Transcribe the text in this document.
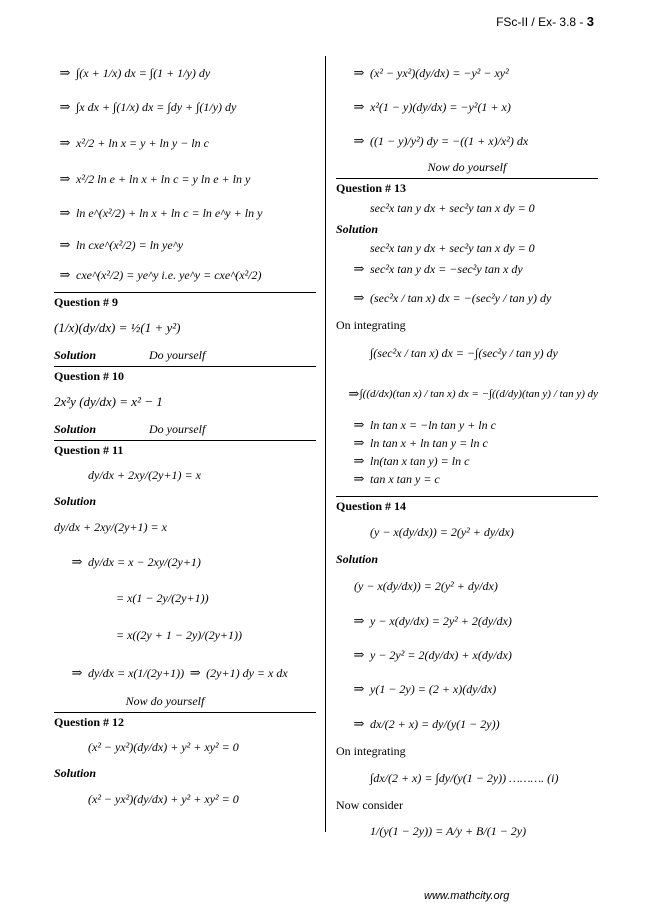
FSc-II / Ex- 3.8 - 3
⇒ ∫(x + 1/x) dx = ∫(1 + 1/y) dy
⇒ ∫x dx + ∫(1/x) dx = ∫dy + ∫(1/y) dy
⇒ x²/2 + ln x = y + ln y − ln c
⇒ x²/2 ln e + ln x + ln c = y ln e + ln y
⇒ ln e^(x²/2) + ln x + ln c = ln e^y + ln y
⇒ ln cxe^(x²/2) = ln ye^y
⇒ cxe^(x²/2) = ye^y i.e. ye^y = cxe^(x²/2)
Question # 9
(1/x)(dy/dx) = ½(1 + y²)
Solution	Do yourself
Question # 10
2x²y (dy/dx) = x² − 1
Solution	Do yourself
Question # 11
dy/dx + 2xy/(2y+1) = x
Solution
dy/dx + 2xy/(2y+1) = x
⇒ dy/dx = x − 2xy/(2y+1)
= x(1 − 2y/(2y+1))
= x((2y + 1 − 2y)/(2y+1))
⇒ dy/dx = x(1/(2y+1)) ⇒ (2y+1) dy = x dx
Now do yourself
Question # 12
(x² − yx²)(dy/dx) + y² + xy² = 0
Solution
(x² − yx²)(dy/dx) + y² + xy² = 0
⇒ (x² − yx²)(dy/dx) = −y² − xy²
⇒ x²(1 − y)(dy/dx) = −y²(1 + x)
⇒ ((1 − y)/y²) dy = −((1 + x)/x²) dx
Now do yourself
Question # 13
sec²x tan y dx + sec²y tan x dy = 0
Solution
sec²x tan y dx + sec²y tan x dy = 0
⇒ sec²x tan y dx = −sec²y tan x dy
⇒ (sec²x / tan x) dx = −(sec²y / tan y) dy
On integrating
∫(sec²x / tan x) dx = −∫(sec²y / tan y) dy
⇒ ∫((d/dx)(tan x) / tan x) dx = −∫((d/dy)(tan y) / tan y) dy
⇒ ln tan x = −ln tan y + ln c
⇒ ln tan x + ln tan y = ln c
⇒ ln(tan x tan y) = ln c
⇒ tan x tan y = c
Question # 14
(y − x(dy/dx)) = 2(y² + dy/dx)
Solution
(y − x(dy/dx)) = 2(y² + dy/dx)
⇒ y − x(dy/dx) = 2y² + 2(dy/dx)
⇒ y − 2y² = 2(dy/dx) + x(dy/dx)
⇒ y(1 − 2y) = (2 + x)(dy/dx)
⇒ dx/(2 + x) = dy/(y(1 − 2y))
On integrating
∫dx/(2 + x) = ∫dy/(y(1 − 2y)) ………. (i)
Now consider
1/(y(1 − 2y)) = A/y + B/(1 − 2y)
www.mathcity.org
